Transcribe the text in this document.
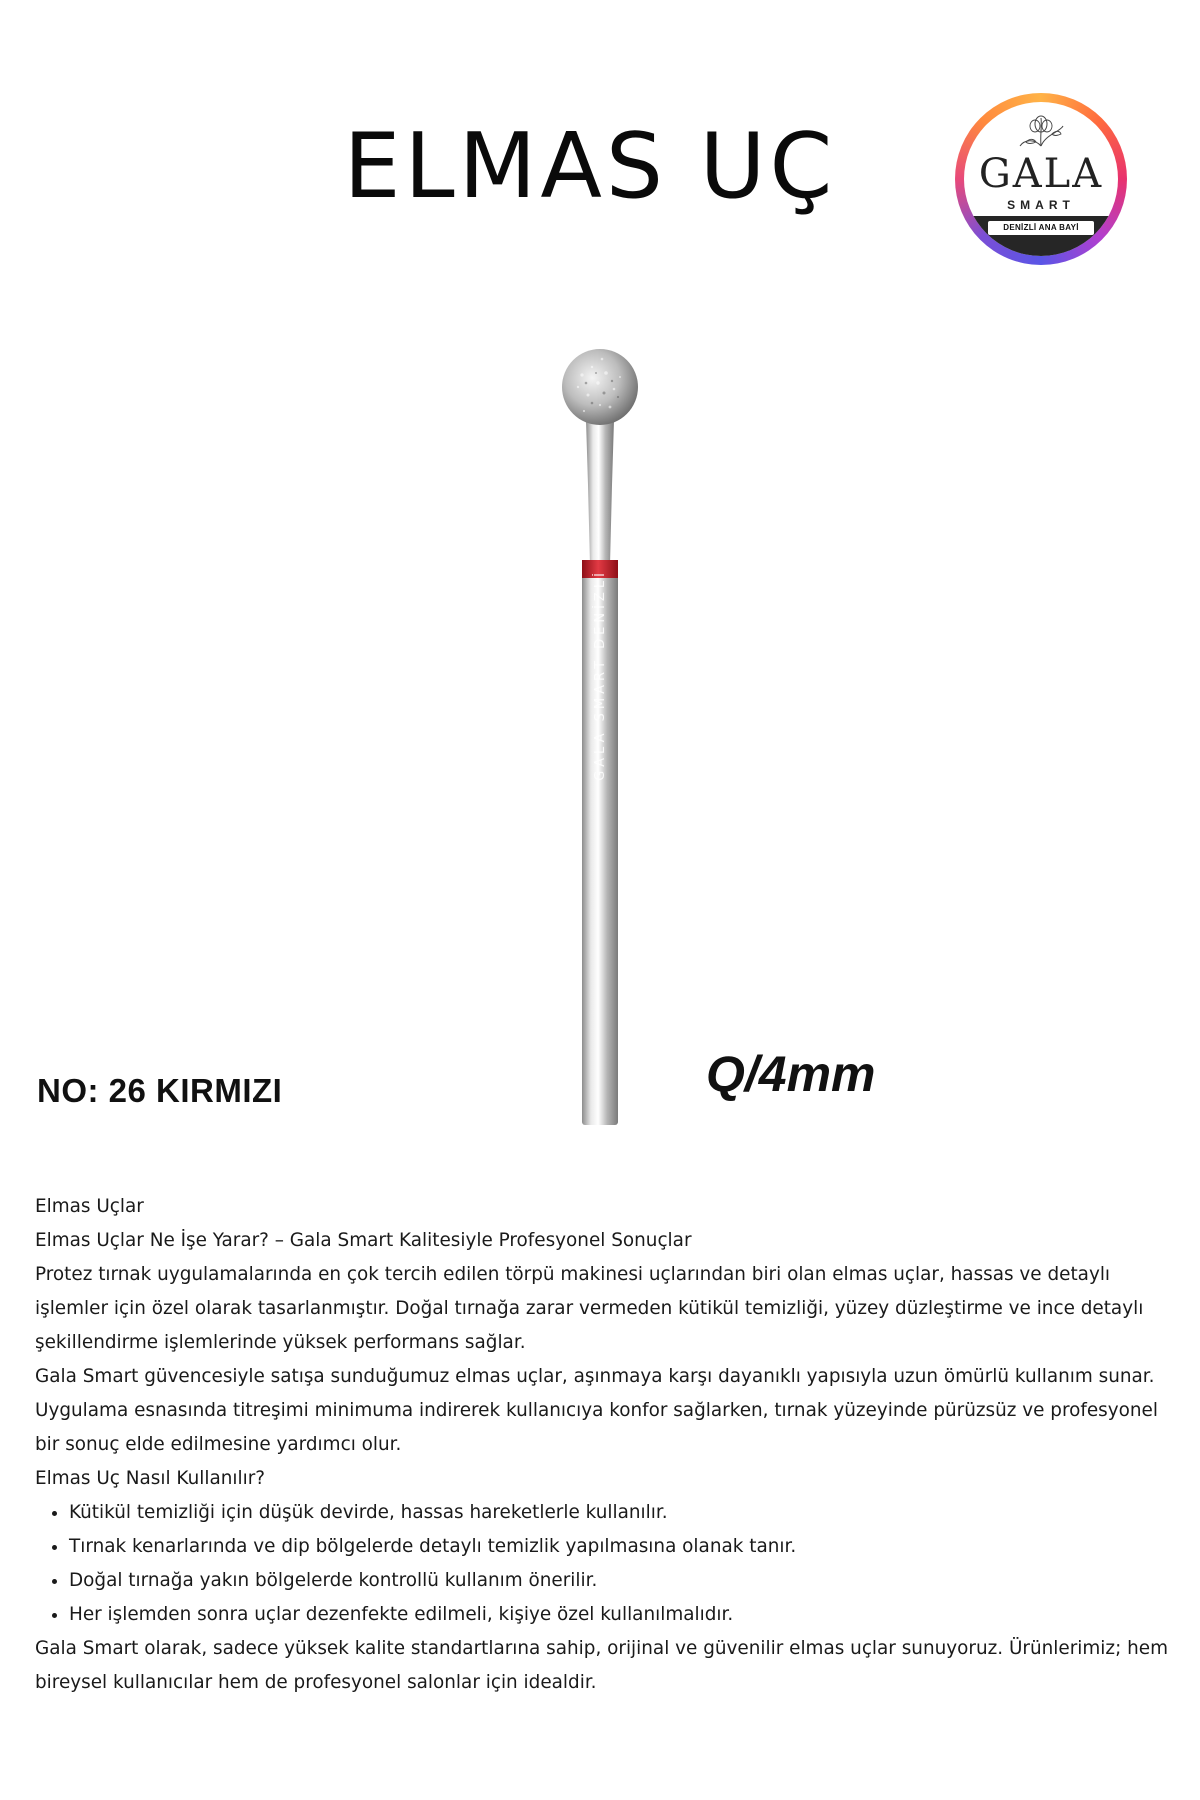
ELMAS UÇ	GALA
SMART
DENİZLİ ANA BAYİ
GALA SMART DENİZLİ

NO: 26 KIRMIZI	Q/4mm

Elmas Uçlar

Elmas Uçlar Ne İşe Yarar? – Gala Smart Kalitesiyle Profesyonel Sonuçlar

Protez tırnak uygulamalarında en çok tercih edilen törpü makinesi uçlarından biri olan elmas uçlar, hassas ve detaylı işlemler için özel olarak tasarlanmıştır. Doğal tırnağa zarar vermeden kütikül temizliği, yüzey düzleştirme ve ince detaylı şekillendirme işlemlerinde yüksek performans sağlar.

Gala Smart güvencesiyle satışa sunduğumuz elmas uçlar, aşınmaya karşı dayanıklı yapısıyla uzun ömürlü kullanım sunar. Uygulama esnasında titreşimi minimuma indirerek kullanıcıya konfor sağlarken, tırnak yüzeyinde pürüzsüz ve profesyonel bir sonuç elde edilmesine yardımcı olur.

Elmas Uç Nasıl Kullanılır?

• Kütikül temizliği için düşük devirde, hassas hareketlerle kullanılır.
• Tırnak kenarlarında ve dip bölgelerde detaylı temizlik yapılmasına olanak tanır.
• Doğal tırnağa yakın bölgelerde kontrollü kullanım önerilir.
• Her işlemden sonra uçlar dezenfekte edilmeli, kişiye özel kullanılmalıdır.

Gala Smart olarak, sadece yüksek kalite standartlarına sahip, orijinal ve güvenilir elmas uçlar sunuyoruz. Ürünlerimiz; hem bireysel kullanıcılar hem de profesyonel salonlar için idealdir.
